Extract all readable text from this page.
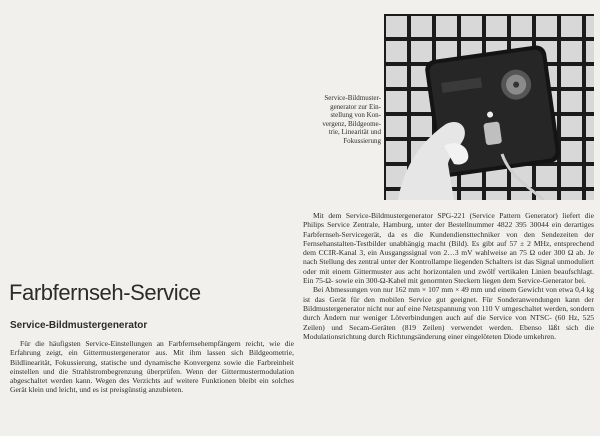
Service-Bildmuster-
generator zur Ein-
stellung von Kon-
vergenz, Bildgeome-
trie, Linearität und
Fokussierung

Mit dem Service-Bildmustergenerator SPG-221 (Service Pattern Generator) liefert die Philips Service Zentrale, Hamburg, unter der Bestellnummer 4822 395 30044 ein derartiges Farbfernseh-Servicegerät, da es die Kundendiensttechniker von den Sendezeiten der Fernsehanstalten-Testbilder unabhängig macht (Bild). Es gibt auf 57 ± 2 MHz, entsprechend dem CCIR-Kanal 3, ein Ausgangssignal von 2…3 mV wahlweise an 75 Ω oder 300 Ω ab. Je nach Stellung des zentral unter der Kontrollampe liegenden Schalters ist das Signal unmoduliert oder mit einem Gittermuster aus acht horizontalen und zwölf vertikalen Linien beaufschlagt. Ein 75-Ω- sowie ein 300-Ω-Kabel mit genormten Steckern liegen dem Service-Generator bei.

Bei Abmessungen von nur 162 mm × 107 mm × 49 mm und einem Gewicht von etwa 0,4 kg ist das Gerät für den mobilen Service gut geeignet. Für Sonderanwendungen kann der Bildmustergenerator nicht nur auf eine Netzspannung von 110 V umgeschaltet werden, sondern durch Ändern nur weniger Lötverbindungen auch auf die Service von NTSC- (60 Hz, 525 Zeilen) und Secam-Geräten (819 Zeilen) verwendet werden. Ebenso läßt sich die Modulationsrichtung durch Richtungsänderung einer eingelöteten Diode umkehren.

Farbfernseh-Service
Service-Bildmustergenerator

Für die häufigsten Service-Einstellungen an Farbfernsehempfängern reicht, wie die Erfahrung zeigt, ein Gittermustergenerator aus. Mit ihm lassen sich Bildgeometrie, Bildlinearität, Fokussierung, statische und dynamische Konvergenz sowie die Farbreinheit einstellen und die Strahlstrombegrenzung überprüfen. Wenn der Gittermustermodulation abgeschaltet werden kann. Wegen des Verzichts auf weitere Funktionen bleibt ein solches Gerät klein und leicht, und es ist preisgünstig anzubieten.
